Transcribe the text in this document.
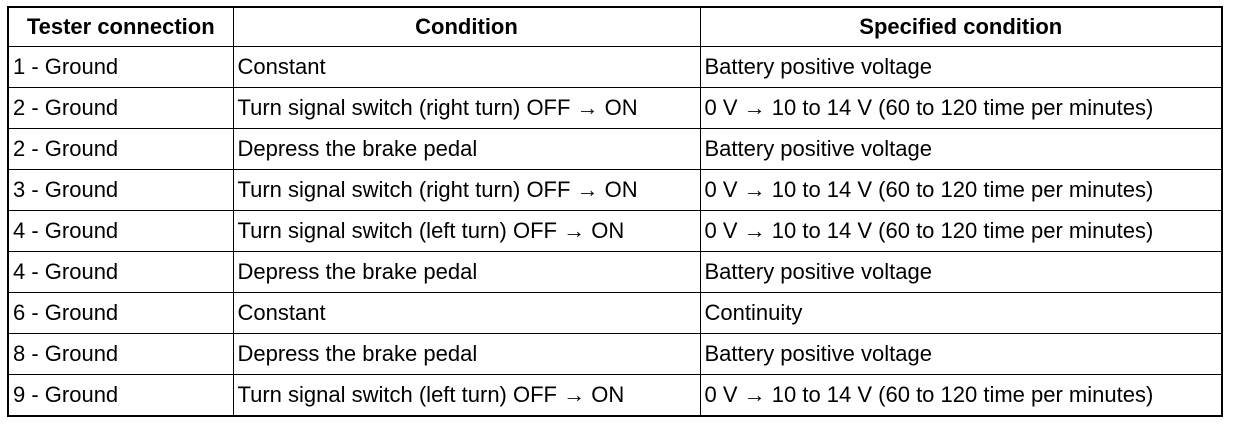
Tester connection	Condition	Specified condition
1 - Ground	Constant	Battery positive voltage
2 - Ground	Turn signal switch (right turn) OFF → ON	0 V → 10 to 14 V (60 to 120 time per minutes)
2 - Ground	Depress the brake pedal	Battery positive voltage
3 - Ground	Turn signal switch (right turn) OFF → ON	0 V → 10 to 14 V (60 to 120 time per minutes)
4 - Ground	Turn signal switch (left turn) OFF → ON	0 V → 10 to 14 V (60 to 120 time per minutes)
4 - Ground	Depress the brake pedal	Battery positive voltage
6 - Ground	Constant	Continuity
8 - Ground	Depress the brake pedal	Battery positive voltage
9 - Ground	Turn signal switch (left turn) OFF → ON	0 V → 10 to 14 V (60 to 120 time per minutes)
